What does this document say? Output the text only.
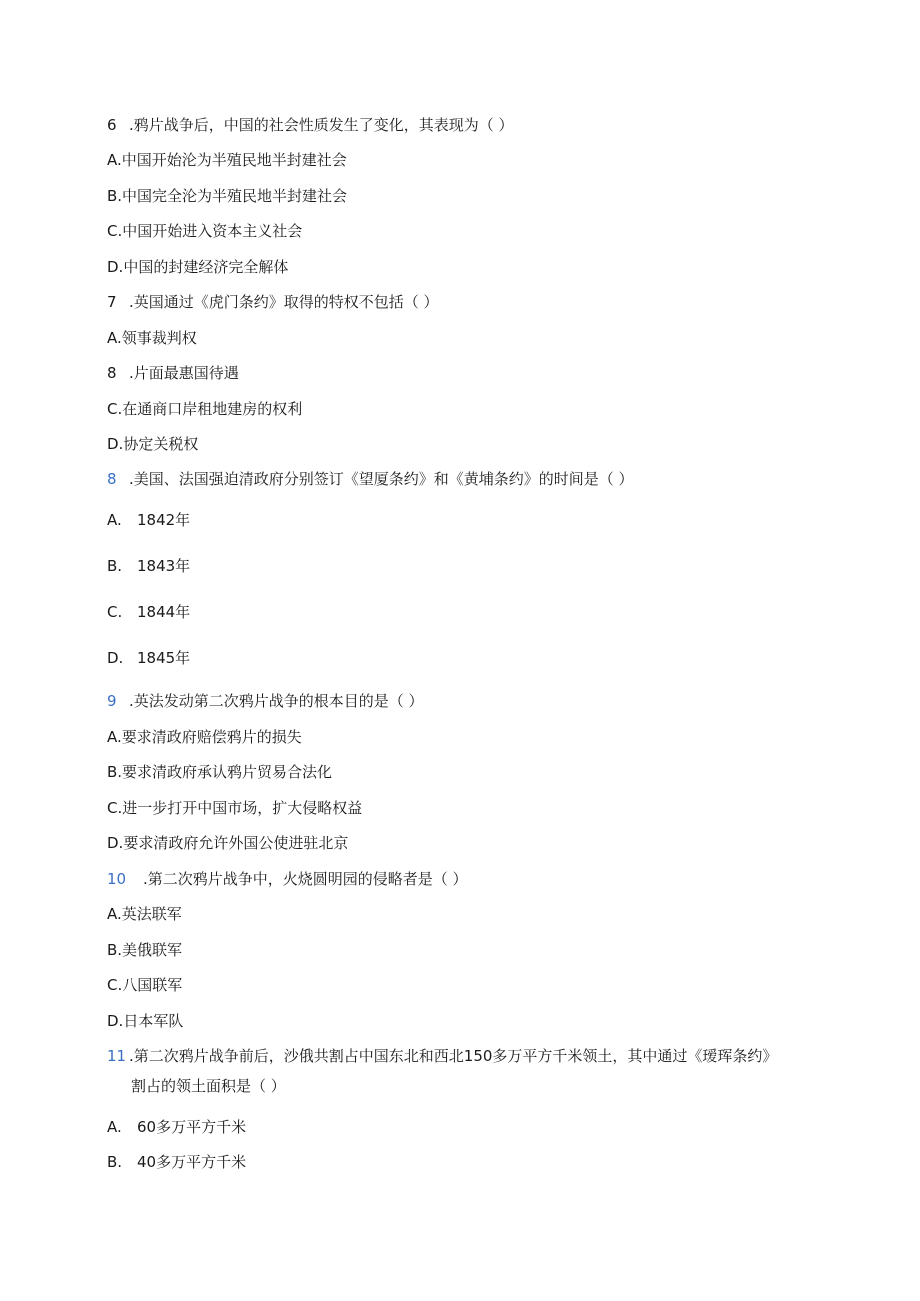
6 .鸦片战争后，中国的社会性质发生了变化，其表现为（ ）
A.中国开始沦为半殖民地半封建社会
B.中国完全沦为半殖民地半封建社会
C.中国开始进入资本主义社会
D.中国的封建经济完全解体
7 .英国通过《虎门条约》取得的特权不包括（ ）
A.领事裁判权
8 .片面最惠国待遇
C.在通商口岸租地建房的权利
D.协定关税权
8 .美国、法国强迫清政府分别签订《望厦条约》和《黄埔条约》的时间是（ ）
A. 1842年
B. 1843年
C. 1844年
D. 1845年
9 .英法发动第二次鸦片战争的根本目的是（ ）
A.要求清政府赔偿鸦片的损失
B.要求清政府承认鸦片贸易合法化
C.进一步打开中国市场，扩大侵略权益
D.要求清政府允许外国公使进驻北京
10 .第二次鸦片战争中，火烧圆明园的侵略者是（ ）
A.英法联军
B.美俄联军
C.八国联军
D.日本军队
11 .第二次鸦片战争前后，沙俄共割占中国东北和西北150多万平方千米领土，其中通过《瑷珲条约》
割占的领土面积是（ ）
A. 60多万平方千米
B. 40多万平方千米
